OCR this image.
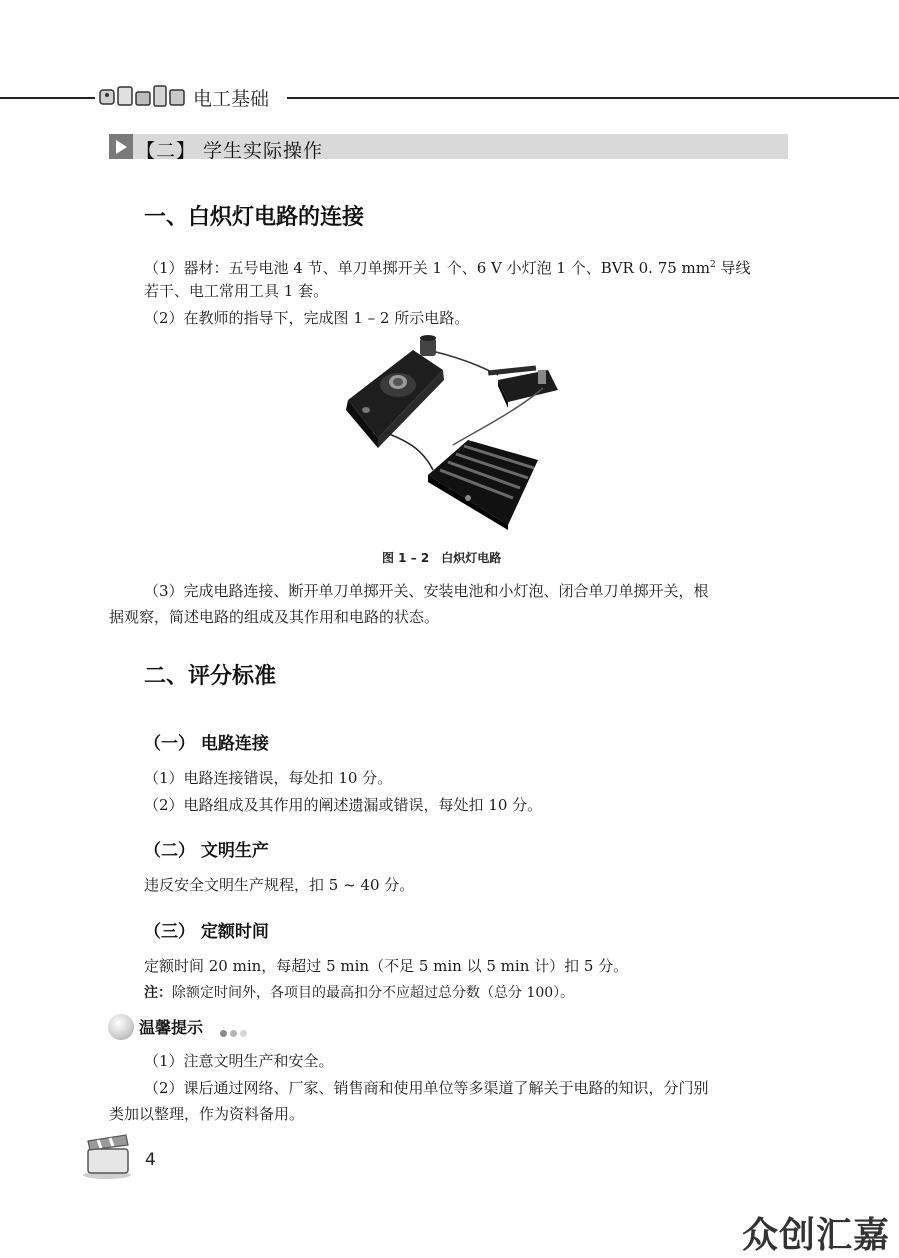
电工基础
【二】 学生实际操作
一、白炽灯电路的连接
（1）器材：五号电池 4 节、单刀单掷开关 1 个、6 V 小灯泡 1 个、BVR 0. 75 $mm^2$ 导线
若干、电工常用工具 1 套。
（2）在教师的指导下，完成图 1 – 2 所示电路。
图 1 – 2　白炽灯电路
（3）完成电路连接、断开单刀单掷开关、安装电池和小灯泡、闭合单刀单掷开关，根
据观察，简述电路的组成及其作用和电路的状态。
二、评分标准
（一） 电路连接
（1）电路连接错误，每处扣 10 分。
（2）电路组成及其作用的阐述遗漏或错误，每处扣 10 分。
（二） 文明生产
违反安全文明生产规程，扣 5 ~ 40 分。
（三） 定额时间
定额时间 20 min，每超过 5 min（不足 5 min 以 5 min 计）扣 5 分。
注：除额定时间外，各项目的最高扣分不应超过总分数（总分 100）。
温馨提示
（1）注意文明生产和安全。
（2）课后通过网络、厂家、销售商和使用单位等多渠道了解关于电路的知识，分门别
类加以整理，作为资料备用。
4
众创汇嘉
